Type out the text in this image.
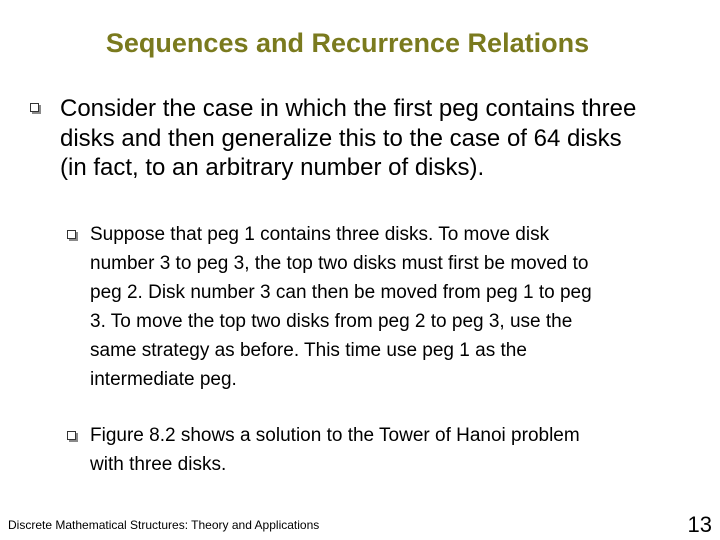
Sequences and Recurrence Relations
Consider the case in which the first peg contains three
disks and then generalize this to the case of 64 disks
(in fact, to an arbitrary number of disks).
Suppose that peg 1 contains three disks. To move disk
number 3 to peg 3, the top two disks must first be moved to
peg 2. Disk number 3 can then be moved from peg 1 to peg
3. To move the top two disks from peg 2 to peg 3, use the
same strategy as before. This time use peg 1 as the
intermediate peg.
Figure 8.2 shows a solution to the Tower of Hanoi problem
with three disks.
Discrete Mathematical Structures: Theory and Applications	13
